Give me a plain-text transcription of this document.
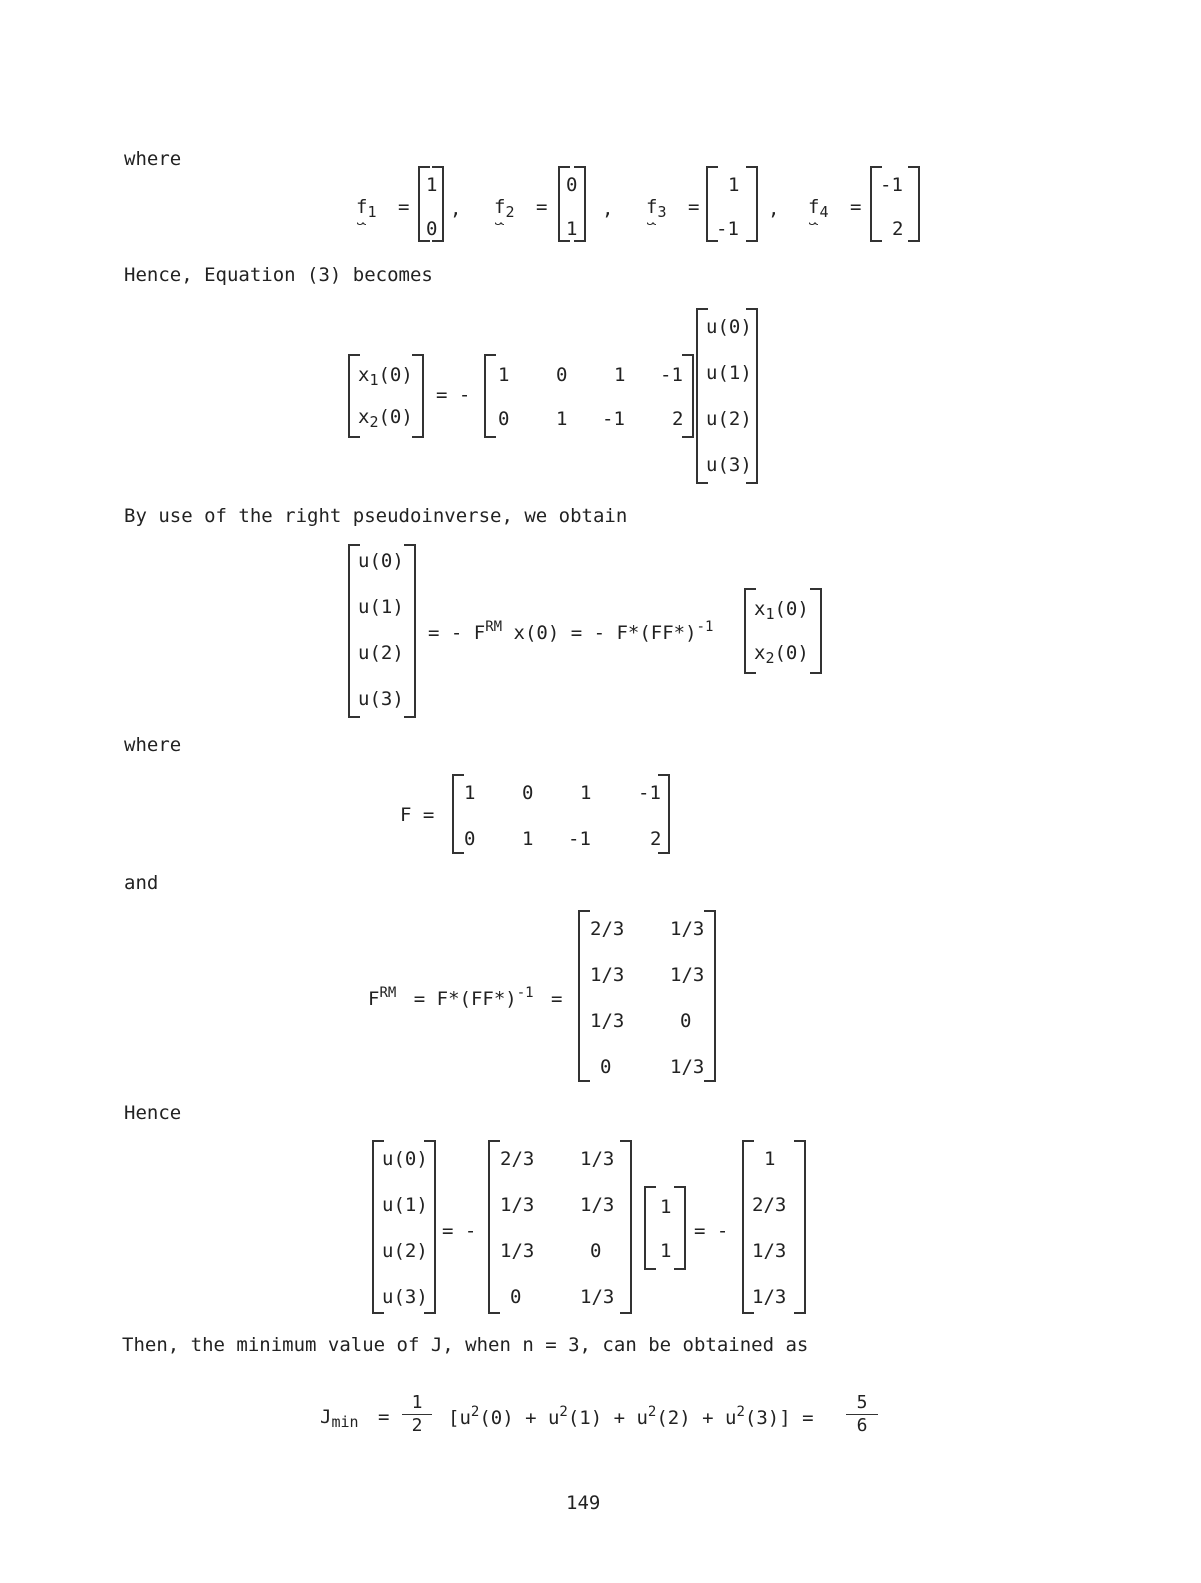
where
$f_1$ =
1
0
, $f_2$ =
0
1
, $f_3$ =
1
-1
, $f_4$ =
-1
2
Hence, Equation (3) becomes
$x_1(0)$
$x_2(0)$
= -
1 0 1 -1
0 1 -1 2
u(0)
u(1)
u(2)
u(3)
By use of the right pseudoinverse, we obtain
u(0)
u(1)
u(2)
u(3)
= - $F^{RM}$ x(0) = - $F*(FF*)^{-1}$
$x_1(0)$
$x_2(0)$
where
F =
1 0 1 -1
0 1 -1	2
and
$F^{RM} = F*(FF*)^{-1}$ =
2/3 1/3
1/3 1/3
1/3	0
0	1/3
Hence
u(0)
u(1)
u(2)
u(3)
= -
2/3 1/3
1/3 1/3
1/3	0
0	1/3
1
1
= -
1
2/3
1/3
1/3
Then, the minimum value of J, when n = 3, can be obtained as
$J_{min}$ =
1
2	$[u^2(0) + u^2(1) + u^2(2) + u^2(3)]$ =
5
6
149
